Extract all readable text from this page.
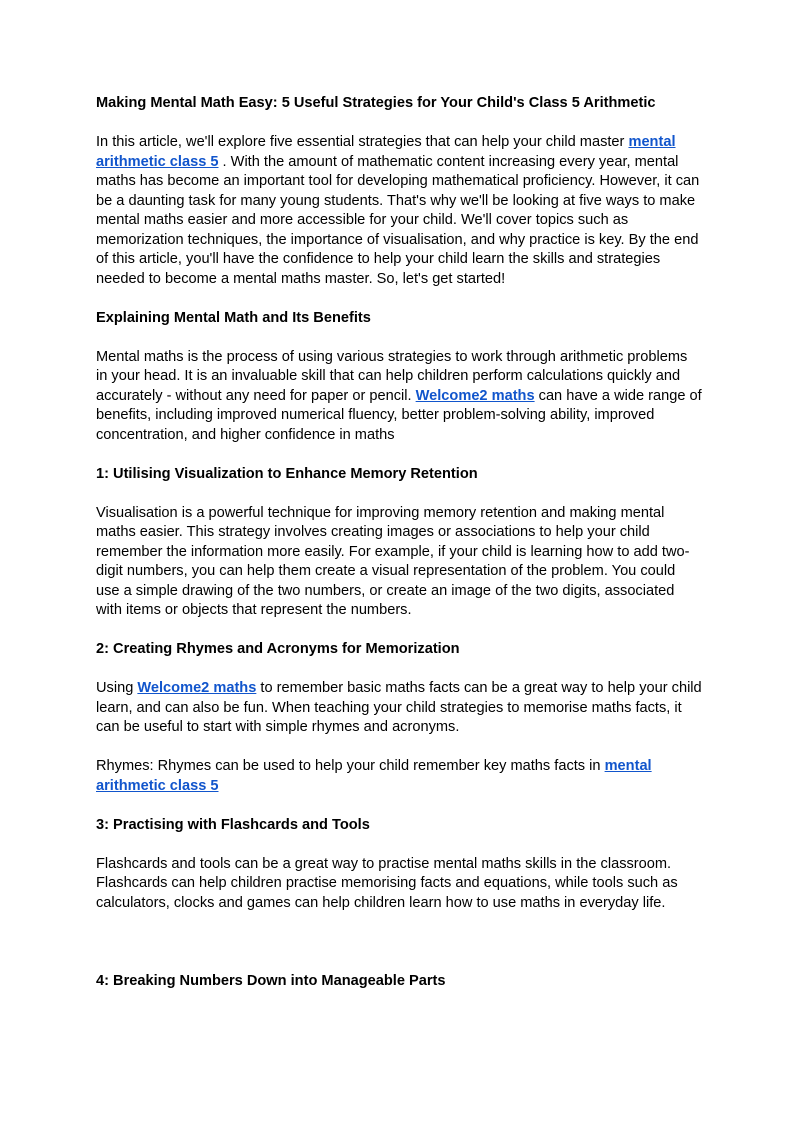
Making Mental Math Easy: 5 Useful Strategies for Your Child's Class 5 Arithmetic

In this article, we'll explore five essential strategies that can help your child master mental arithmetic class 5 . With the amount of mathematic content increasing every year, mental maths has become an important tool for developing mathematical proficiency. However, it can be a daunting task for many young students. That's why we'll be looking at five ways to make mental maths easier and more accessible for your child. We'll cover topics such as memorization techniques, the importance of visualisation, and why practice is key. By the end of this article, you'll have the confidence to help your child learn the skills and strategies needed to become a mental maths master. So, let's get started!

Explaining Mental Math and Its Benefits

Mental maths is the process of using various strategies to work through arithmetic problems in your head. It is an invaluable skill that can help children perform calculations quickly and accurately - without any need for paper or pencil. Welcome2 maths can have a wide range of benefits, including improved numerical fluency, better problem-solving ability, improved concentration, and higher confidence in maths

1: Utilising Visualization to Enhance Memory Retention

Visualisation is a powerful technique for improving memory retention and making mental maths easier. This strategy involves creating images or associations to help your child remember the information more easily. For example, if your child is learning how to add two-digit numbers, you can help them create a visual representation of the problem. You could use a simple drawing of the two numbers, or create an image of the two digits, associated with items or objects that represent the numbers.

2: Creating Rhymes and Acronyms for Memorization

Using Welcome2 maths to remember basic maths facts can be a great way to help your child learn, and can also be fun. When teaching your child strategies to memorise maths facts, it can be useful to start with simple rhymes and acronyms.

Rhymes: Rhymes can be used to help your child remember key maths facts in mental arithmetic class 5

3: Practising with Flashcards and Tools

Flashcards and tools can be a great way to practise mental maths skills in the classroom. Flashcards can help children practise memorising facts and equations, while tools such as calculators, clocks and games can help children learn how to use maths in everyday life.

4: Breaking Numbers Down into Manageable Parts
